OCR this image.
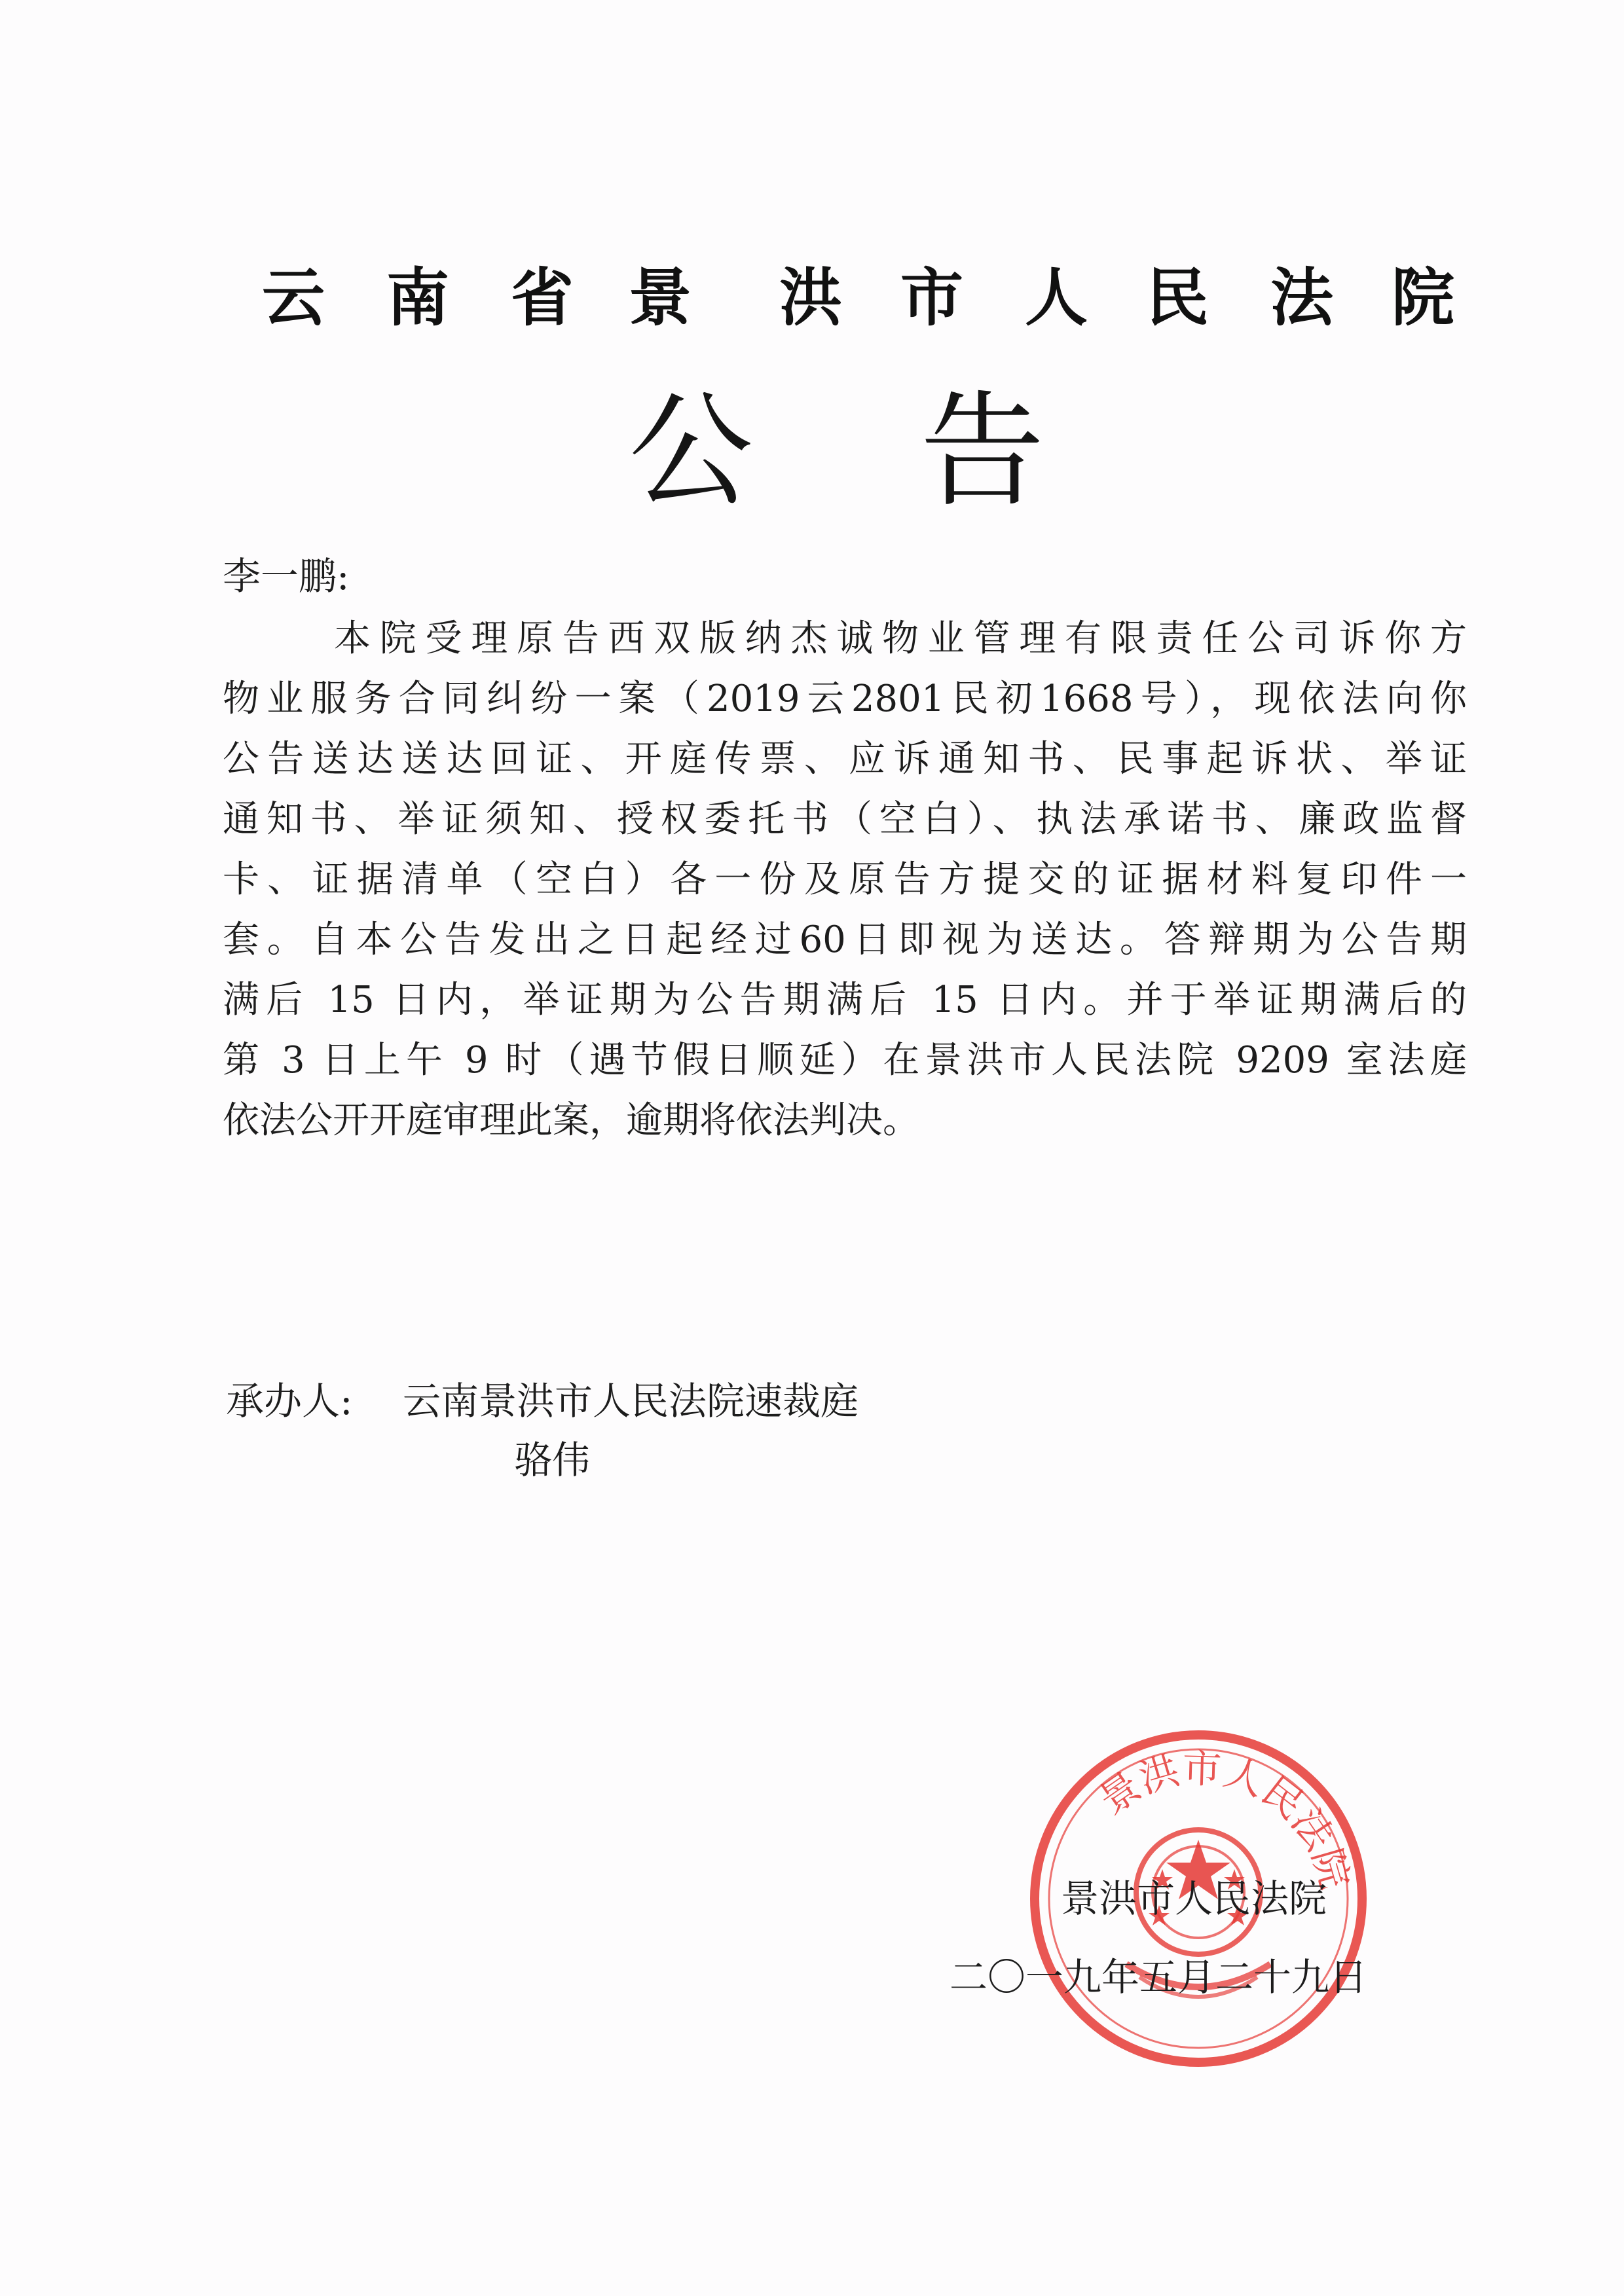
云 南 省 景 洪 市 人 民 法 院
公 告
李一鹏:
本院受理原告西双版纳杰诚物业管理有限责任公司诉你方
物业服务合同纠纷一案（2019云2801民初1668号），现依法向你
公告送达送达回证、开庭传票、应诉通知书、民事起诉状、举证
通知书、举证须知、授权委托书（空白）、执法承诺书、廉政监督
卡、证据清单（空白）各一份及原告方提交的证据材料复印件一
套。自本公告发出之日起经过60日即视为送达。答辩期为公告期
满后 15 日内，举证期为公告期满后 15 日内。并于举证期满后的
第 3 日上午 9 时（遇节假日顺延）在景洪市人民法院 9209 室法庭
依法公开开庭审理此案，逾期将依法判决。
承办人: 云南景洪市人民法院速裁庭
骆伟
景洪市人民法院
景洪市人民法院
二〇一九年五月二十九日
